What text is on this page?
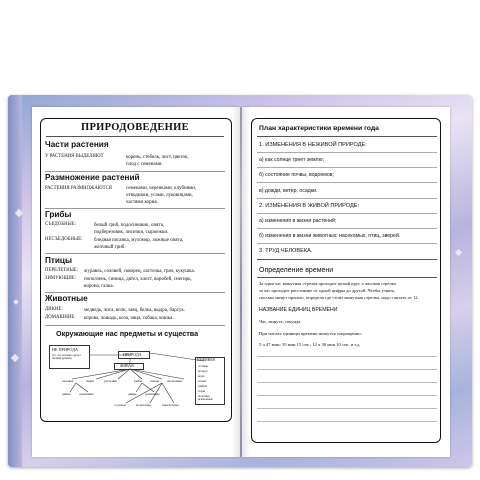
ПРИРОДОВЕДЕНИЕ
Части растения
У РАСТЕНИЯ ВЫДЕЛЯЮТ	корень, стебель, лист, цветок,
плод с семенами.
Размножение растений
РАСТЕНИЯ РАЗМНОЖАЮТСЯ	семенами, черенками, клубнями,
отводками, усами, луковицами,
частями корня.
Грибы
СЪЕДОБНЫЕ:	белый гриб, подосиновик, опята,
подберезовик, лисички, сыроежки.
НЕСЪЕДОБНЫЕ: бледная поганка, мухомор, ложные опята,
желчный гриб.
Птицы
ПЕРЕЛЕТНЫЕ: журавль, соловей, скворец, ласточка, грач, кукушка.
ЗИМУЮЩИЕ: поползень, синица, дятел, клест, воробей, снегирь,
ворона, галка.
Животные
ДИКИЕ:	медведь, лиса, волк, заяц, белка, выдра, барсук.
ДОМАШНИЕ: корова, лошадь, коза, овца, собака, кошка.
Окружающие нас предметы и существа
НЕ ПРИРОДА
(то, что человек сделал своими руками)
ПРИРОДА
ЖИВАЯ
НЕЖИВАЯ
солнце
воздух
вода
почва
камни
горы
полезные ископаемые
человек	звери	растения	рыбы птицы насекомые
дикие домашние	дикие домашние
оседлые	кочующие	перелетные
План характеристики времени года
1. ИЗМЕНЕНИЯ В НЕЖИВОЙ ПРИРОДЕ:
а) как солнце греет землю;
б) состояние почвы, водоемов;
в) дожди, ветер, осадки.
2. ИЗМЕНЕНИЯ В ЖИВОЙ ПРИРОДЕ:
а) изменения в жизни растений;
б) изменения в жизни животных: насекомых, птиц, зверей.
3. ТРУД ЧЕЛОВЕКА.
Определение времени
За один час минутная стрелка проходит целый круг, а часовая стрелка
за час проходит расстояние от одной цифры до другой. Чтобы узнать,
сколько минут прошло, определи где стоит минутная стрелка, надо считать от 12.
НАЗВАНИЕ ЕДИНИЦ ВРЕМЕНИ
Час, минута, секунда.
При числах единицы времени пишутся сокращенно:
5 ч 47 мин; 10 мин 15 сек.; 12 ч 30 мин 10 сек. и т.д.
